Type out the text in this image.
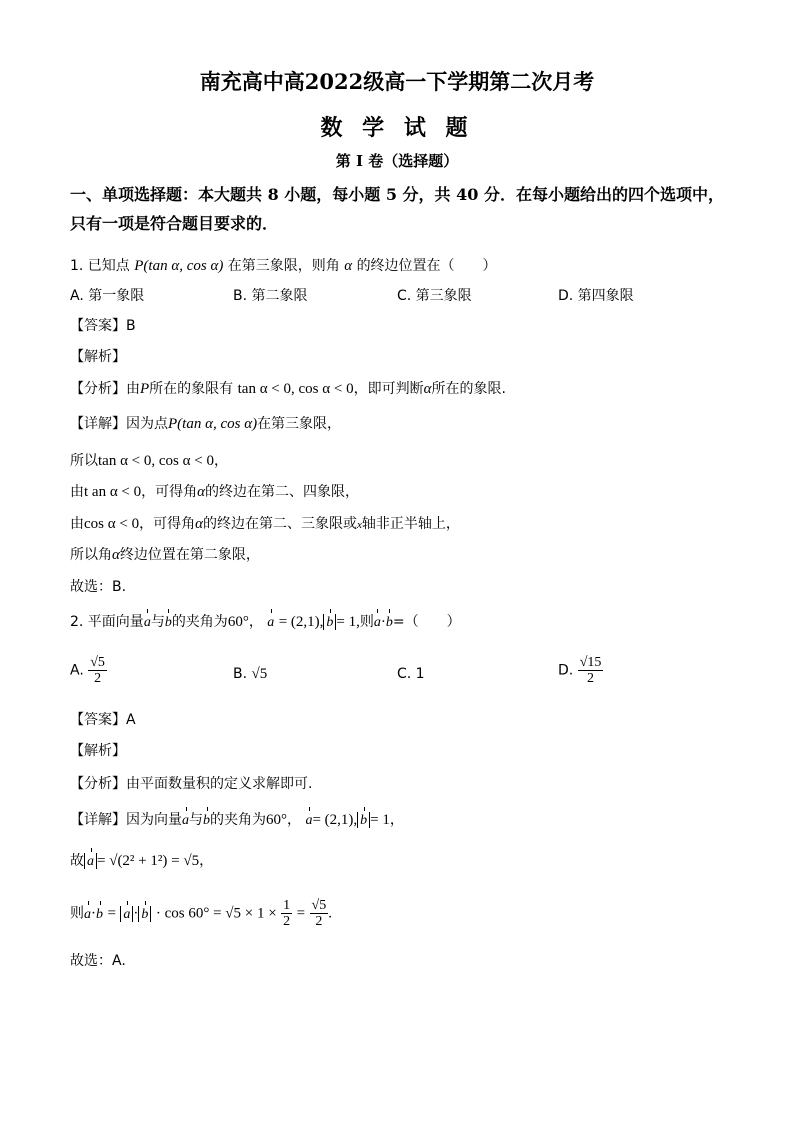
南充高中高2022级高一下学期第二次月考
数 学 试 题
第 I 卷（选择题）
一、单项选择题：本大题共 8 小题，每小题 5 分，共 40 分．在每小题给出的四个选项中，只有一项是符合题目要求的．
1. 已知点 P(tan α, cos α) 在第三象限，则角 α 的终边位置在（　　）
A. 第一象限	B. 第二象限	C. 第三象限	D. 第四象限
【答案】B
【解析】
【分析】由P所在的象限有 tan α < 0, cos α < 0，即可判断α所在的象限.
【详解】因为点P(tan α, cos α)在第三象限，
所以tan α < 0, cos α < 0，
由t an α < 0，可得角α的终边在第二、四象限，
由cos α < 0，可得角α的终边在第二、三象限或x轴非正半轴上，
所以角α终边位置在第二象限，
故选：B.
2. 平面向量a与b的夹角为60°， a = (2,1), b = 1,则a·b=（　　）
A. $\frac{√5}{2}$	B. √5	C. 1	D. $\frac{√15}{2}$
【答案】A
【解析】
【分析】由平面数量积的定义求解即可.
【详解】因为向量a与b的夹角为60°， a= (2,1), b = 1，
故 a = √(2² + 1²) = √5，
则$a\cdot b = a \cdot b \cdot \cos 60^\circ = √5 \times 1 \times \frac{1}{2} = \frac{√5}{2}$ .
故选：A.
